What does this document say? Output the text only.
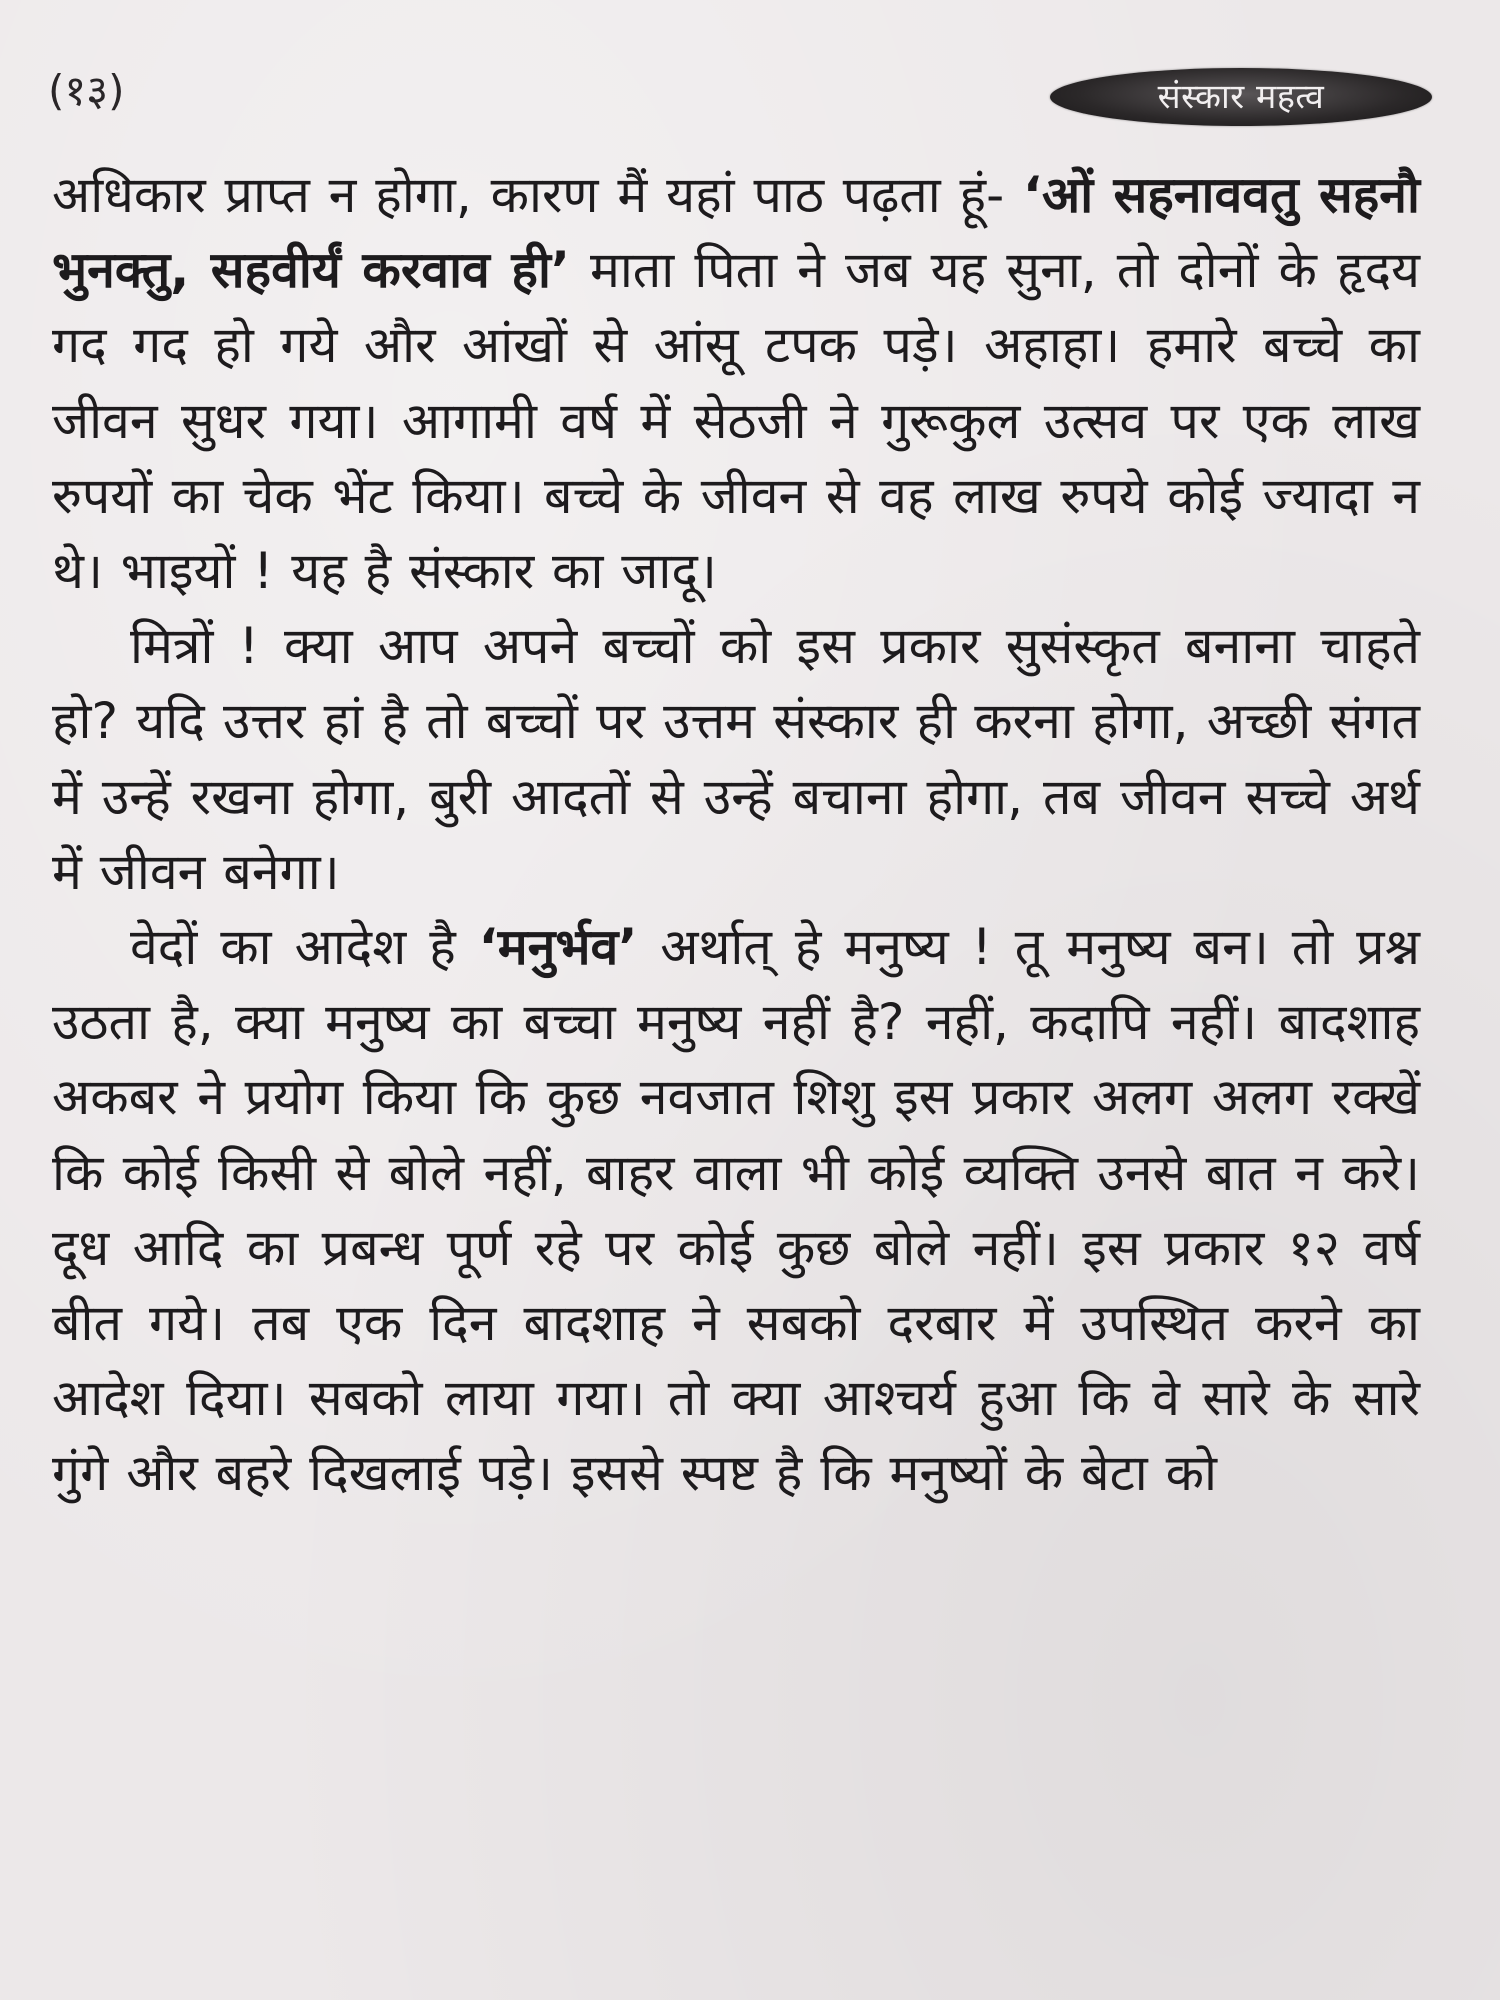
(१३)	संस्कार महत्व

अधिकार प्राप्त न होगा, कारण मैं यहां पाठ पढ़ता हूं- ‘ओं सहनाववतु सहनौ भुनक्तु, सहवीर्यं करवाव ही’ माता पिता ने जब यह सुना, तो दोनों के हृदय गद गद हो गये और आंखों से आंसू टपक पड़े। अहाहा। हमारे बच्चे का जीवन सुधर गया। आगामी वर्ष में सेठजी ने गुरूकुल उत्सव पर एक लाख रुपयों का चेक भेंट किया। बच्चे के जीवन से वह लाख रुपये कोई ज्यादा न थे। भाइयों ! यह है संस्कार का जादू।

मित्रों ! क्या आप अपने बच्चों को इस प्रकार सुसंस्कृत बनाना चाहते हो? यदि उत्तर हां है तो बच्चों पर उत्तम संस्कार ही करना होगा, अच्छी संगत में उन्हें रखना होगा, बुरी आदतों से उन्हें बचाना होगा, तब जीवन सच्चे अर्थ में जीवन बनेगा।

वेदों का आदेश है ‘मनुर्भव’ अर्थात् हे मनुष्य ! तू मनुष्य बन। तो प्रश्न उठता है, क्या मनुष्य का बच्चा मनुष्य नहीं है? नहीं, कदापि नहीं। बादशाह अकबर ने प्रयोग किया कि कुछ नवजात शिशु इस प्रकार अलग अलग रक्खें कि कोई किसी से बोले नहीं, बाहर वाला भी कोई व्यक्ति उनसे बात न करे। दूध आदि का प्रबन्ध पूर्ण रहे पर कोई कुछ बोले नहीं। इस प्रकार १२ वर्ष बीत गये। तब एक दिन बादशाह ने सबको दरबार में उपस्थित करने का आदेश दिया। सबको लाया गया। तो क्या आश्चर्य हुआ कि वे सारे के सारे गुंगे और बहरे दिखलाई पड़े। इससे स्पष्ट है कि मनुष्यों के बेटा को
